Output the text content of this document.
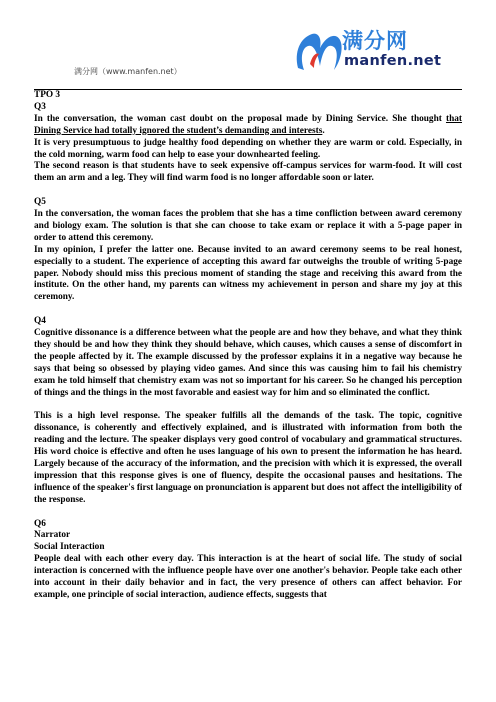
满分网（www.manfen.net）
满分网
manfen.net

TPO 3

Q3

In the conversation, the woman cast doubt on the proposal made by Dining Service. She thought that Dining Service had totally ignored the student’s demanding and interests.

It is very presumptuous to judge healthy food depending on whether they are warm or cold. Especially, in the cold morning, warm food can help to ease your downhearted feeling.

The second reason is that students have to seek expensive off-campus services for warm-food. It will cost them an arm and a leg. They will find warm food is no longer affordable soon or later.

Q5

In the conversation, the woman faces the problem that she has a time confliction between award ceremony and biology exam. The solution is that she can choose to take exam or replace it with a 5-page paper in order to attend this ceremony.

In my opinion, I prefer the latter one. Because invited to an award ceremony seems to be real honest, especially to a student. The experience of accepting this award far outweighs the trouble of writing 5-page paper. Nobody should miss this precious moment of standing the stage and receiving this award from the institute. On the other hand, my parents can witness my achievement in person and share my joy at this ceremony.

Q4

Cognitive dissonance is a difference between what the people are and how they behave, and what they think they should be and how they think they should behave, which causes, which causes a sense of discomfort in the people affected by it. The example discussed by the professor explains it in a negative way because he says that being so obsessed by playing video games. And since this was causing him to fail his chemistry exam he told himself that chemistry exam was not so important for his career. So he changed his perception of things and the things in the most favorable and easiest way for him and so eliminated the conflict.

This is a high level response. The speaker fulfills all the demands of the task. The topic, cognitive dissonance, is coherently and effectively explained, and is illustrated with information from both the reading and the lecture. The speaker displays very good control of vocabulary and grammatical structures. His word choice is effective and often he uses language of his own to present the information he has heard. Largely because of the accuracy of the information, and the precision with which it is expressed, the overall impression that this response gives is one of fluency, despite the occasional pauses and hesitations. The influence of the speaker's first language on pronunciation is apparent but does not affect the intelligibility of the response.

Q6

Narrator

Social Interaction

People deal with each other every day. This interaction is at the heart of social life. The study of social interaction is concerned with the influence people have over one another's behavior. People take each other into account in their daily behavior and in fact, the very presence of others can affect behavior. For example, one principle of social interaction, audience effects, suggests that
